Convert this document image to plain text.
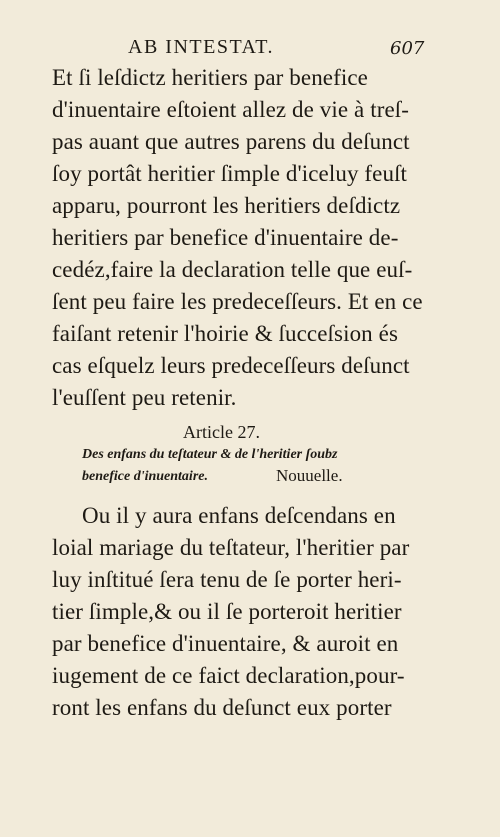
AB INTESTAT.	607
Et ſi leſdictz heritiers par benefice
d'inuentaire eſtoient allez de vie à treſ-
pas auant que autres parens du deſunct
ſoy portât heritier ſimple d'iceluy feuſt
apparu, pourront les heritiers deſdictz
heritiers par benefice d'inuentaire de-
cedéz,faire la declaration telle que euſ-
ſent peu faire les predeceſſeurs. Et en ce
faiſant retenir l'hoirie & ſucceſsion és
cas eſquelz leurs predeceſſeurs deſunct
l'euſſent peu retenir.
Article 27.
Des enfans du teſtateur & de l'heritier ſoubz
benefice d'inuentaire.	Nouuelle.
Ou il y aura enfans deſcendans en
loial mariage du teſtateur, l'heritier par
luy inſtitué ſera tenu de ſe porter heri-
tier ſimple,& ou il ſe porteroit heritier
par benefice d'inuentaire, & auroit en
iugement de ce faict declaration,pour-
ront les enfans du deſunct eux porter
